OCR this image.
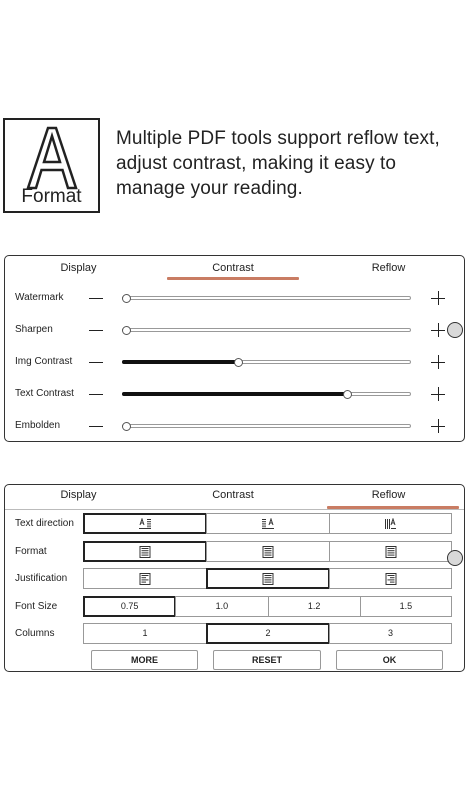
Format
Multiple PDF tools support reflow text, adjust contrast, making it easy to manage your reading.
Display	Contrast	Reflow
Watermark
Sharpen
Img Contrast
Text Contrast
Embolden
Display	Contrast	Reflow
Text direction
Format
Justification
Font Size	0.75	1.0	1.2	1.5
Columns	1	2	3
MORE	RESET	OK
